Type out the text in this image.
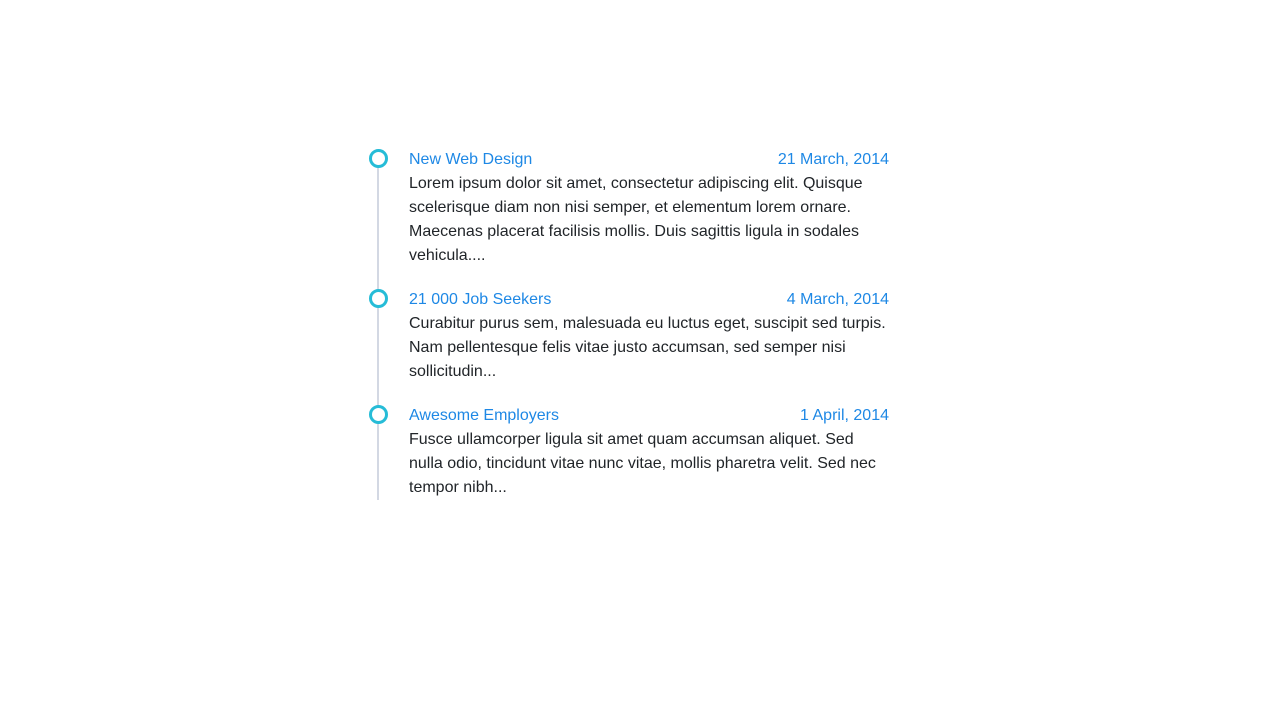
New Web Design	21 March, 2014
Lorem ipsum dolor sit amet, consectetur adipiscing elit. Quisque scelerisque diam non nisi semper, et elementum lorem ornare. Maecenas placerat facilisis mollis. Duis sagittis ligula in sodales vehicula....
21 000 Job Seekers	4 March, 2014
Curabitur purus sem, malesuada eu luctus eget, suscipit sed turpis. Nam pellentesque felis vitae justo accumsan, sed semper nisi sollicitudin...
Awesome Employers	1 April, 2014
Fusce ullamcorper ligula sit amet quam accumsan aliquet. Sed nulla odio, tincidunt vitae nunc vitae, mollis pharetra velit. Sed nec tempor nibh...
